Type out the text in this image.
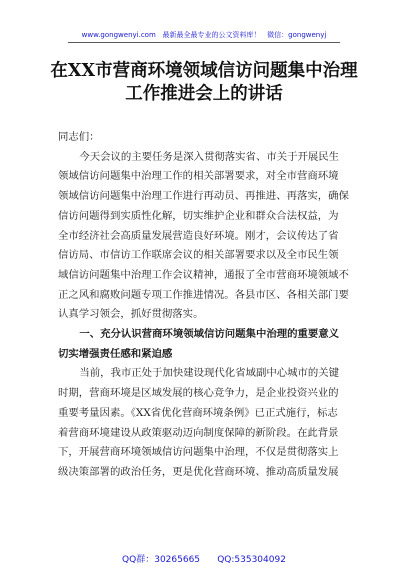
www.gongwenyi.com 最新最全最专业的公文资料库！ 微信：gongwenyj
在XX市营商环境领域信访问题集中治理
工作推进会上的讲话
同志们：
今天会议的主要任务是深入贯彻落实省、市关于开展民生
领域信访问题集中治理工作的相关部署要求，对全市营商环境
领域信访问题集中治理工作进行再动员、再推进、再落实，确保
信访问题得到实质性化解，切实维护企业和群众合法权益，为
全市经济社会高质量发展营造良好环境。刚才，会议传达了省
信访局、市信访工作联席会议的相关部署要求以及全市民生领
域信访问题集中治理工作会议精神，通报了全市营商环境领域不
正之风和腐败问题专项工作推进情况。各县市区、各相关部门要
认真学习领会，抓好贯彻落实。
一、充分认识营商环境领域信访问题集中治理的重要意义
切实增强责任感和紧迫感
当前，我市正处于加快建设现代化省域副中心城市的关键
时期，营商环境是区域发展的核心竞争力，是企业投资兴业的
重要考量因素。《XX省优化营商环境条例》已正式施行，标志
着营商环境建设从政策驱动迈向制度保障的新阶段。在此背景
下，开展营商环境领域信访问题集中治理，不仅是贯彻落实上
级决策部署的政治任务，更是优化营商环境、推动高质量发展
QQ群：30265665 QQ:535304092
